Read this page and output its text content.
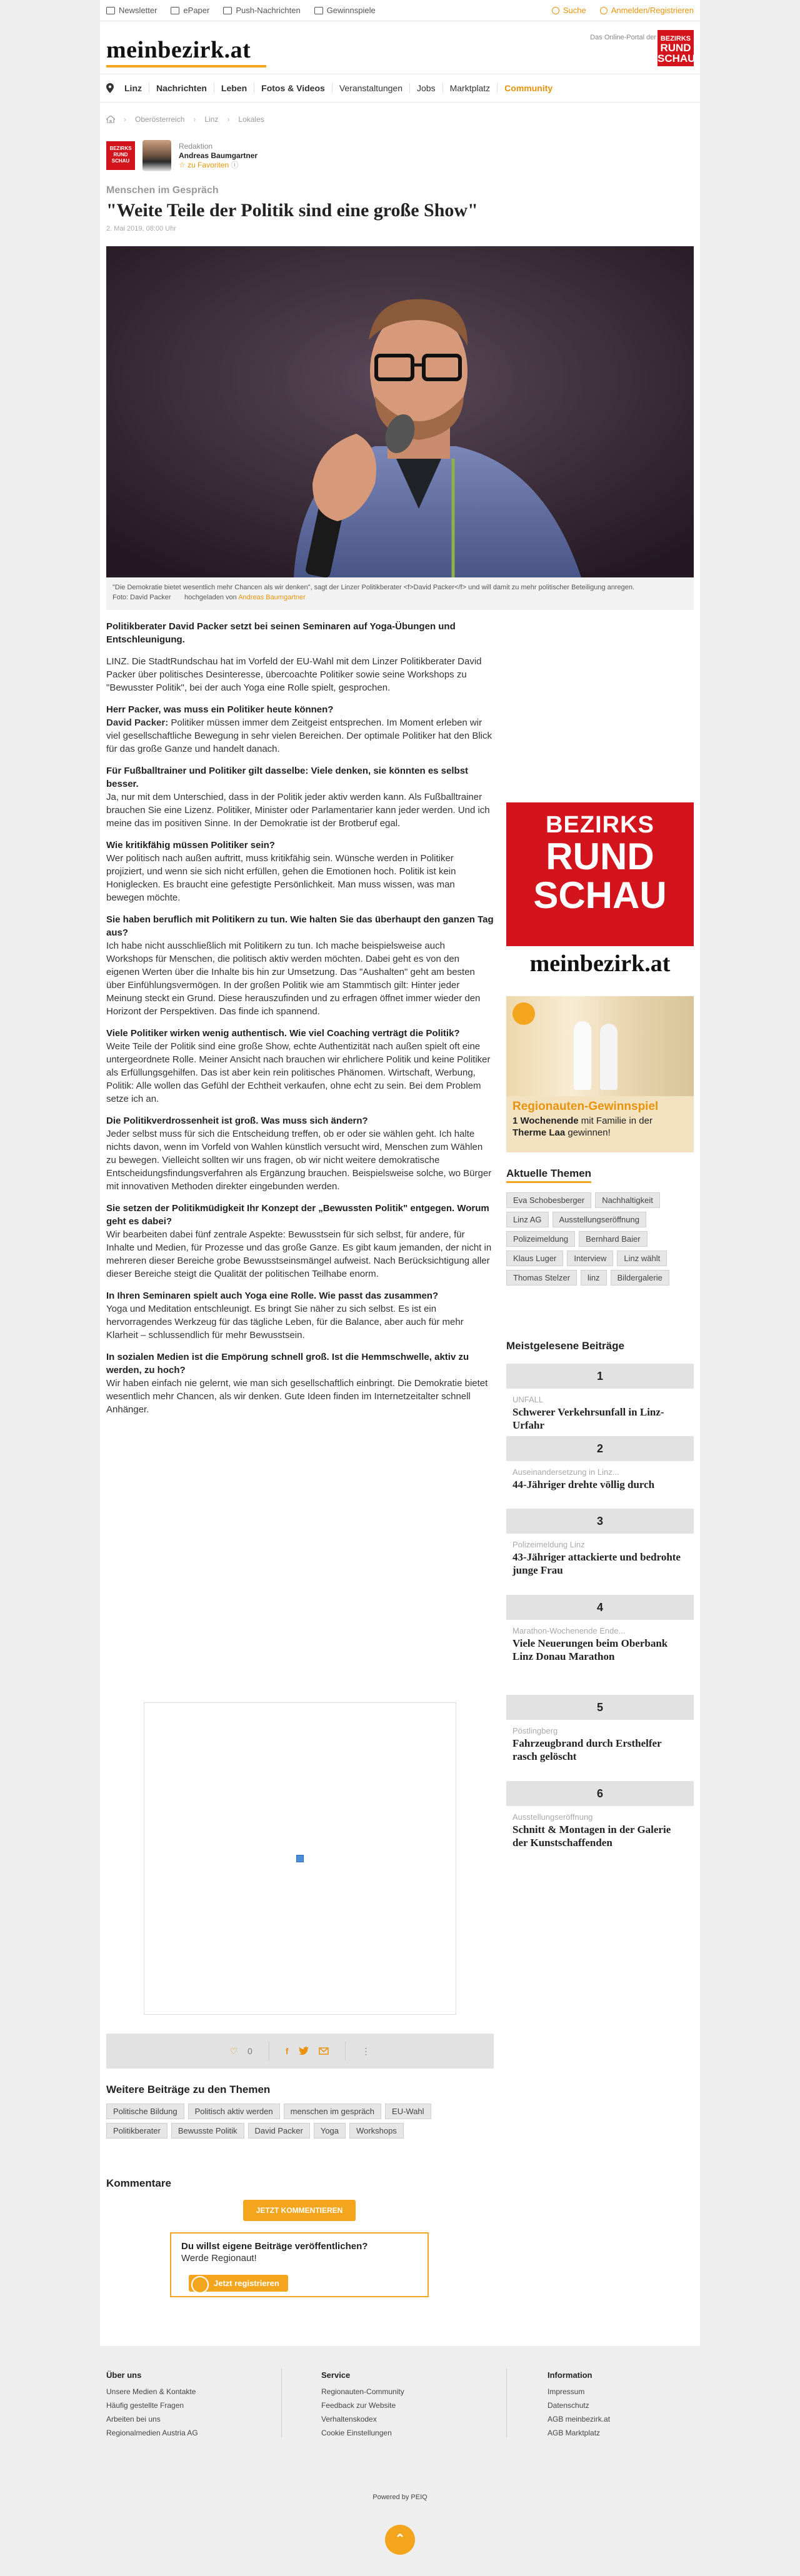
Newsletter	ePaper	Push-Nachrichten	Gewinnspiele	Suche	Anmelden/Registrieren
meinbezirk.at	Das Online-Portal der BEZIRKS
RUND
SCHAU
Linz	Nachrichten	Leben	Fotos & Videos	Veranstaltungen	Jobs	Marktplatz	Community
› Oberösterreich › Linz › Lokales
BEZIRKS
RUND
SCHAU
Redaktion
Andreas Baumgartner
☆ zu Favoriten ⓘ
Menschen im Gespräch
"Weite Teile der Politik sind eine große Show"
2. Mai 2019, 08:00 Uhr
"Die Demokratie bietet wesentlich mehr Chancen als wir denken", sagt der Linzer Politikberater <f>David Packer</f> und will damit zu mehr politischer Beteiligung anregen.
Foto: David Packer hochgeladen von Andreas Baumgartner

Politikberater David Packer setzt bei seinen Seminaren auf Yoga-Übungen und Entschleunigung.

LINZ. Die StadtRundschau hat im Vorfeld der EU-Wahl mit dem Linzer Politikberater David Packer über politisches Desinteresse, übercoachte Politiker sowie seine Workshops zu "Bewusster Politik", bei der auch Yoga eine Rolle spielt, gesprochen.

Herr Packer, was muss ein Politiker heute können?
David Packer: Politiker müssen immer dem Zeitgeist entsprechen. Im Moment erleben wir viel gesellschaftliche Bewegung in sehr vielen Bereichen. Der optimale Politiker hat den Blick für das große Ganze und handelt danach.
Für Fußballtrainer und Politiker gilt dasselbe: Viele denken, sie könnten es selbst besser.
Ja, nur mit dem Unterschied, dass in der Politik jeder aktiv werden kann. Als Fußballtrainer brauchen Sie eine Lizenz. Politiker, Minister oder Parlamentarier kann jeder werden. Und ich meine das im positiven Sinne. In der Demokratie ist der Brotberuf egal.
Wie kritikfähig müssen Politiker sein?
Wer politisch nach außen auftritt, muss kritikfähig sein. Wünsche werden in Politiker projiziert, und wenn sie sich nicht erfüllen, gehen die Emotionen hoch. Politik ist kein Honiglecken. Es braucht eine gefestigte Persönlichkeit. Man muss wissen, was man bewegen möchte.
Sie haben beruflich mit Politikern zu tun. Wie halten Sie das überhaupt den ganzen Tag aus?
Ich habe nicht ausschließlich mit Politikern zu tun. Ich mache beispielsweise auch Workshops für Menschen, die politisch aktiv werden möchten. Dabei geht es von den eigenen Werten über die Inhalte bis hin zur Umsetzung. Das "Aushalten" geht am besten über Einfühlungsvermögen. In der großen Politik wie am Stammtisch gilt: Hinter jeder Meinung steckt ein Grund. Diese herauszufinden und zu erfragen öffnet immer wieder den Horizont der Perspektiven. Das finde ich spannend.
Viele Politiker wirken wenig authentisch. Wie viel Coaching verträgt die Politik?
Weite Teile der Politik sind eine große Show, echte Authentizität nach außen spielt oft eine untergeordnete Rolle. Meiner Ansicht nach brauchen wir ehrlichere Politik und keine Politiker als Erfüllungsgehilfen. Das ist aber kein rein politisches Phänomen. Wirtschaft, Werbung, Politik: Alle wollen das Gefühl der Echtheit verkaufen, ohne echt zu sein. Bei dem Problem setze ich an.
Die Politikverdrossenheit ist groß. Was muss sich ändern?
Jeder selbst muss für sich die Entscheidung treffen, ob er oder sie wählen geht. Ich halte nichts davon, wenn im Vorfeld von Wahlen künstlich versucht wird, Menschen zum Wählen zu bewegen. Vielleicht sollten wir uns fragen, ob wir nicht weitere demokratische Entscheidungsfindungsverfahren als Ergänzung brauchen. Beispielsweise solche, wo Bürger mit innovativen Methoden direkter eingebunden werden.
Sie setzen der Politikmüdigkeit Ihr Konzept der „Bewussten Politik" entgegen. Worum geht es dabei?
Wir bearbeiten dabei fünf zentrale Aspekte: Bewusstsein für sich selbst, für andere, für Inhalte und Medien, für Prozesse und das große Ganze. Es gibt kaum jemanden, der nicht in mehreren dieser Bereiche grobe Bewusstseinsmängel aufweist. Nach Berücksichtigung aller dieser Bereiche steigt die Qualität der politischen Teilhabe enorm.
In Ihren Seminaren spielt auch Yoga eine Rolle. Wie passt das zusammen?
Yoga und Meditation entschleunigt. Es bringt Sie näher zu sich selbst. Es ist ein hervorragendes Werkzeug für das tägliche Leben, für die Balance, aber auch für mehr Klarheit – schlussendlich für mehr Bewusstsein.
In sozialen Medien ist die Empörung schnell groß. Ist die Hemmschwelle, aktiv zu werden, zu hoch?
Wir haben einfach nie gelernt, wie man sich gesellschaftlich einbringt. Die Demokratie bietet wesentlich mehr Chancen, als wir denken. Gute Ideen finden im Internetzeitalter schnell Anhänger.
♡ 0	f	⋮
Weitere Beiträge zu den Themen
Politische Bildung	Politisch aktiv werden	menschen im gespräch	EU-Wahl
Politikberater	Bewusste Politik	David Packer	Yoga	Workshops
Kommentare
JETZT KOMMENTIEREN
Du willst eigene Beiträge veröffentlichen?
Werde Regionaut!
Jetzt registrieren
BEZIRKS
RUND
SCHAU
meinbezirk.at
Regionauten-Gewinnspiel
1 Wochenende mit Familie in der Therme Laa gewinnen!
Aktuelle Themen
Eva Schobesberger	Nachhaltigkeit
Linz AG	Ausstellungseröffnung
Polizeimeldung	Bernhard Baier
Klaus Luger	Interview	Linz wählt
Thomas Stelzer	linz	Bildergalerie
Meistgelesene Beiträge
1
UNFALL
Schwerer Verkehrsunfall in Linz-Urfahr
2
Auseinandersetzung in Linz...
44-Jähriger drehte völlig durch
3
Polizeimeldung Linz
43-Jähriger attackierte und bedrohte junge Frau
4
Marathon-Wochenende Ende...
Viele Neuerungen beim Oberbank Linz Donau Marathon
5
Pöstlingberg
Fahrzeugbrand durch Ersthelfer rasch gelöscht
6
Ausstellungseröffnung
Schnitt & Montagen in der Galerie der Kunstschaffenden
Über uns
Unsere Medien & Kontakte
Häufig gestellte Fragen
Arbeiten bei uns
Regionalmedien Austria AG
Service
Regionauten-Community
Feedback zur Website
Verhaltenskodex
Cookie Einstellungen
Information
Impressum
Datenschutz
AGB meinbezirk.at
AGB Marktplatz
Powered by PEIQ
⌃
